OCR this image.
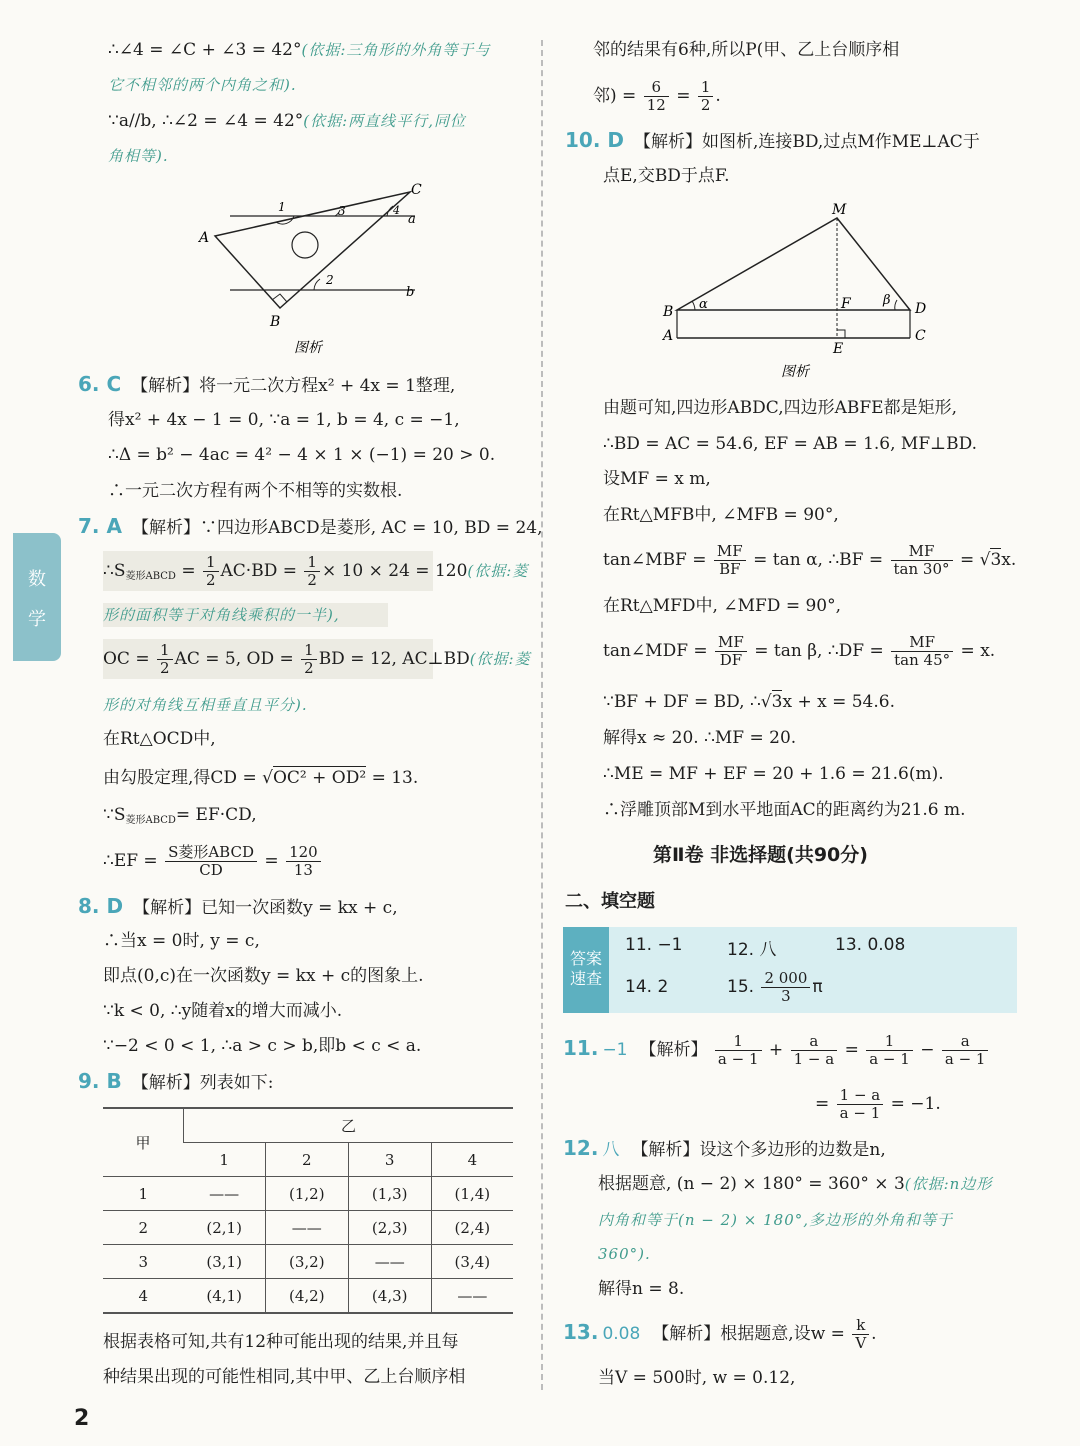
数
学
∴∠4 = ∠C + ∠3 = 42°(依据:三角形的外角等于与
它不相邻的两个内角之和).
∵a//b, ∴∠2 = ∠4 = 42°(依据:两直线平行,同位
角相等).
A
B
C
a
b
1
2
3	4
图析
6. C 【解析】将一元二次方程x² + 4x = 1整理,
得x² + 4x − 1 = 0, ∵a = 1, b = 4, c = −1,
∴Δ = b² − 4ac = 4² − 4 × 1 × (−1) = 20 > 0.
∴一元二次方程有两个不相等的实数根.
7. A 【解析】∵四边形ABCD是菱形, AC = 10, BD = 24,
$\therefore S_{菱形ABCD} = \frac{1}{2} AC\cdot BD = \frac{1}{2} \times 10 \times 24 = 120$(依据:菱
形的面积等于对角线乘积的一半),
OC = $\frac{1}{2}$ AC = 5, OD = $\frac{1}{2}$ BD = 12, AC⊥BD(依据:菱
形的对角线互相垂直且平分).
在Rt△OCD中,
由勾股定理,得CD = √OC² + OD² = 13.
$\because S_{菱形ABCD}= EF\cdot CD$,
∴EF = $\frac{\text{S菱形ABCD}}{CD} = \frac{120}{13}$
8. D 【解析】已知一次函数y = kx + c,
∴当x = 0时, y = c,
即点(0,c)在一次函数y = kx + c的图象上.
∵k < 0, ∴y随着x的增大而减小.
∵−2 < 0 < 1, ∴a > c > b,即b < c < a.
9. B 【解析】列表如下:
甲	乙			
	1	2	3	4
1	——	(1,2)	(1,3)	(1,4)
2	(2,1)	——	(2,3)	(2,4)
3	(3,1)	(3,2)	——	(3,4)
4	(4,1)	(4,2)	(4,3)	——
根据表格可知,共有12种可能出现的结果,并且每
种结果出现的可能性相同,其中甲、乙上台顺序相
2
邻的结果有6种,所以P(甲、乙上台顺序相
邻) = $\frac{6}{12} = \frac{1}{2}$ .
10. D 【解析】如图析,连接BD,过点M作ME⊥AC于
点E,交BD于点F.
M
B
A
D
C
F
E
α	β
图析
由题可知,四边形ABDC,四边形ABFE都是矩形,
∴BD = AC = 54.6, EF = AB = 1.6, MF⊥BD.
设MF = x m,
在Rt△MFB中, ∠MFB = 90°,
tan∠MBF = $\frac{MF}{BF} = \tan \alpha$, ∴BF = $\frac{MF}{\tan 30^\circ} = √3x$.
在Rt△MFD中, ∠MFD = 90°,
tan∠MDF = $\frac{MF}{DF} = \tan \beta$, ∴DF = $\frac{MF}{\tan 45^\circ} = x$.
∵BF + DF = BD, ∴√3x + x = 54.6.
解得x ≈ 20. ∴MF = 20.
∴ME = MF + EF = 20 + 1.6 = 21.6(m).
∴浮雕顶部M到水平地面AC的距离约为21.6 m.
第Ⅱ卷 非选择题(共90分)
二、填空题
答案
速查
11. −1	12. 八	13. 0.08
14. 2	15. $\frac{2 000}{3}$ π
11. −1 【解析】 $\frac{1}{a - 1} + \frac{a}{1 - a} = \frac{1}{a - 1} - \frac{a}{a - 1}$
= $\frac{1 - a}{a - 1} = -1$.
12. 八 【解析】设这个多边形的边数是n,
根据题意, (n − 2) × 180° = 360° × 3(依据:n边形
内角和等于(n − 2) × 180°,多边形的外角和等于
360°).
解得n = 8.
13. 0.08 【解析】根据题意,设$w = \frac{k}{V}$ .
当V = 500时, w = 0.12,
